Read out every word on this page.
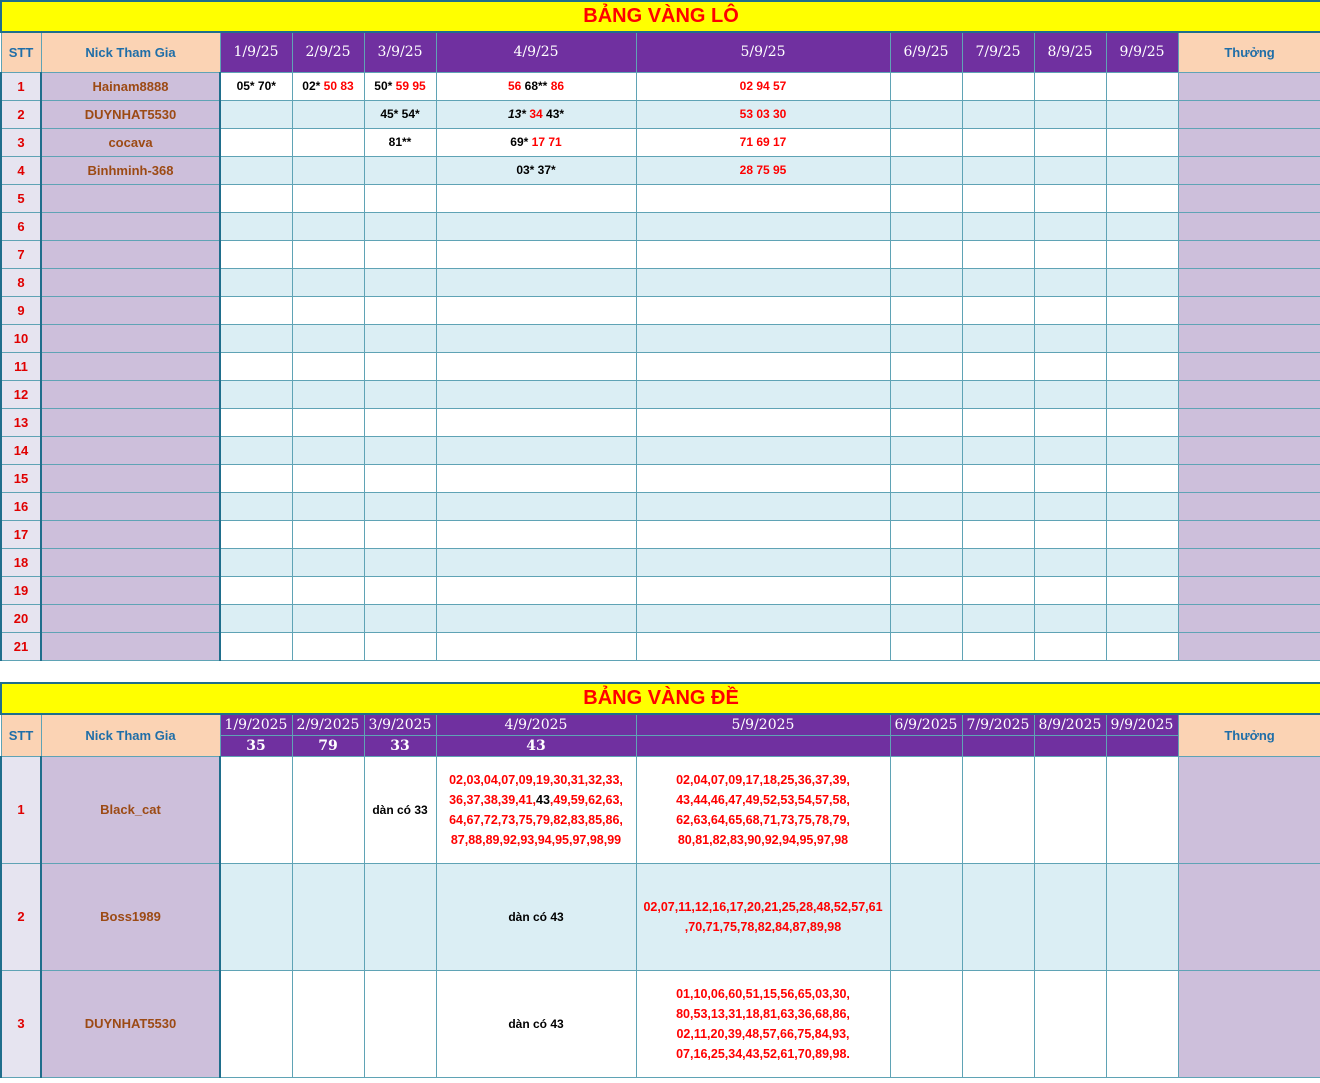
BẢNG VÀNG LÔ											
STT	Nick Tham Gia	1/9/25	2/9/25	3/9/25	4/9/25	5/9/25	6/9/25	7/9/25	8/9/25	9/9/25	Thưởng
1	Hainam8888	05* 70*	02* 50 83	50* 59 95	56 68** 86	02 94 57					
2	DUYNHAT5530			45* 54*	13* 34 43*	53 03 30					
3	cocava			81**	69* 17 71	71 69 17					
4	Binhminh-368				03* 37*	28 75 95					
5											
6											
7											
8											
9											
10											
11											
12											
13											
14											
15											
16											
17											
18											
19											
20											
21											
BẢNG VÀNG ĐỀ											
STT	Nick Tham Gia	1/9/2025	2/9/2025	3/9/2025	4/9/2025	5/9/2025	6/9/2025	7/9/2025	8/9/2025	9/9/2025	Thưởng
		35	79	33	43						
1	Black_cat			dàn có 33	02,03,04,07,09,19,30,31,32,33,
36,37,38,39,41,43,49,59,62,63,
64,67,72,73,75,79,82,83,85,86,
87,88,89,92,93,94,95,97,98,99	02,04,07,09,17,18,25,36,37,39,
43,44,46,47,49,52,53,54,57,58,
62,63,64,65,68,71,73,75,78,79,
80,81,82,83,90,92,94,95,97,98					
2	Boss1989				dàn có 43	02,07,11,12,16,17,20,21,25,28,48,52,57,61
,70,71,75,78,82,84,87,89,98					
3	DUYNHAT5530				dàn có 43	01,10,06,60,51,15,56,65,03,30,
80,53,13,31,18,81,63,36,68,86,
02,11,20,39,48,57,66,75,84,93,
07,16,25,34,43,52,61,70,89,98.					
